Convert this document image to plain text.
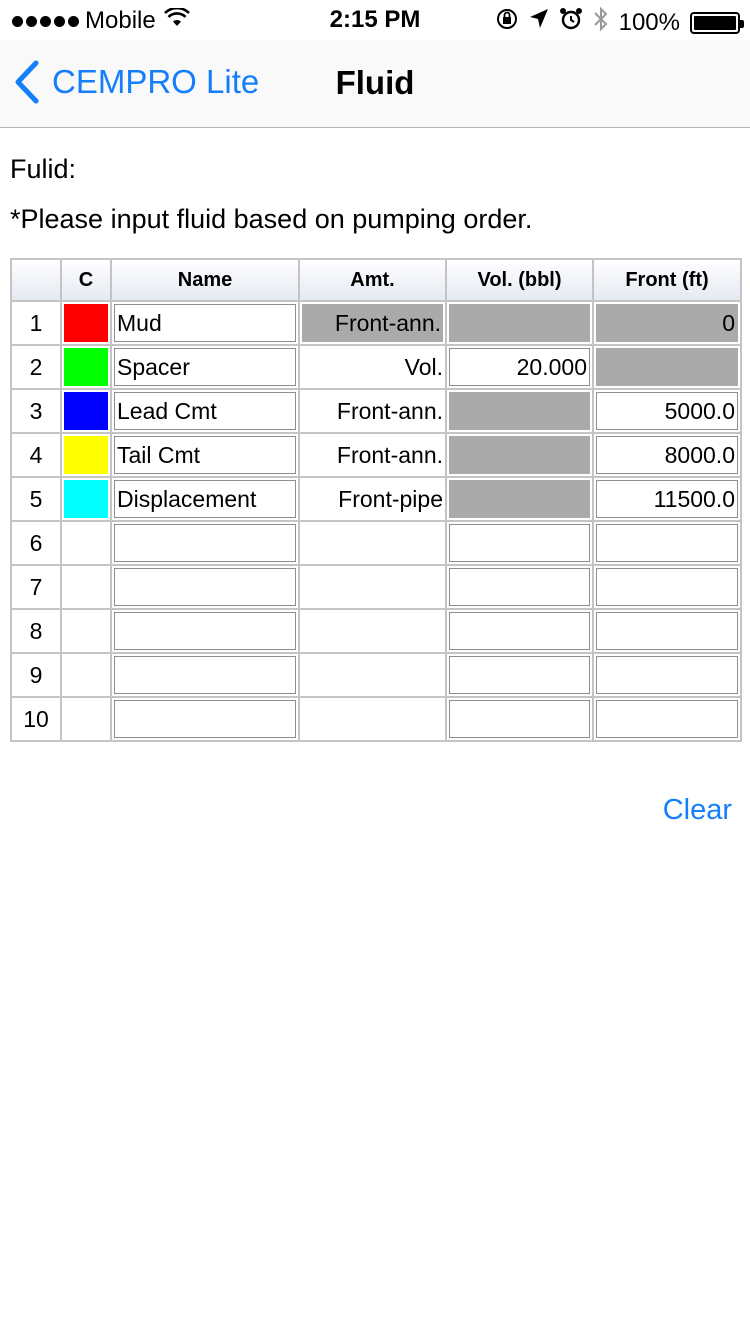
Mobile	2:15 PM	100%
CEMPRO Lite	Fluid
Fulid:
*Please input fluid based on pumping order.
	C	Name	Amt.	Vol. (bbl)	Front (ft)
1		Mud	Front-ann.		0

2		Spacer	Vol.	20.000	

3		Lead Cmt	Front-ann.		5000.0

4		Tail Cmt	Front-ann.		8000.0

5		Displacement	Front-pipe		11500.0

6		

7		

8		

9		

10		

Clear
